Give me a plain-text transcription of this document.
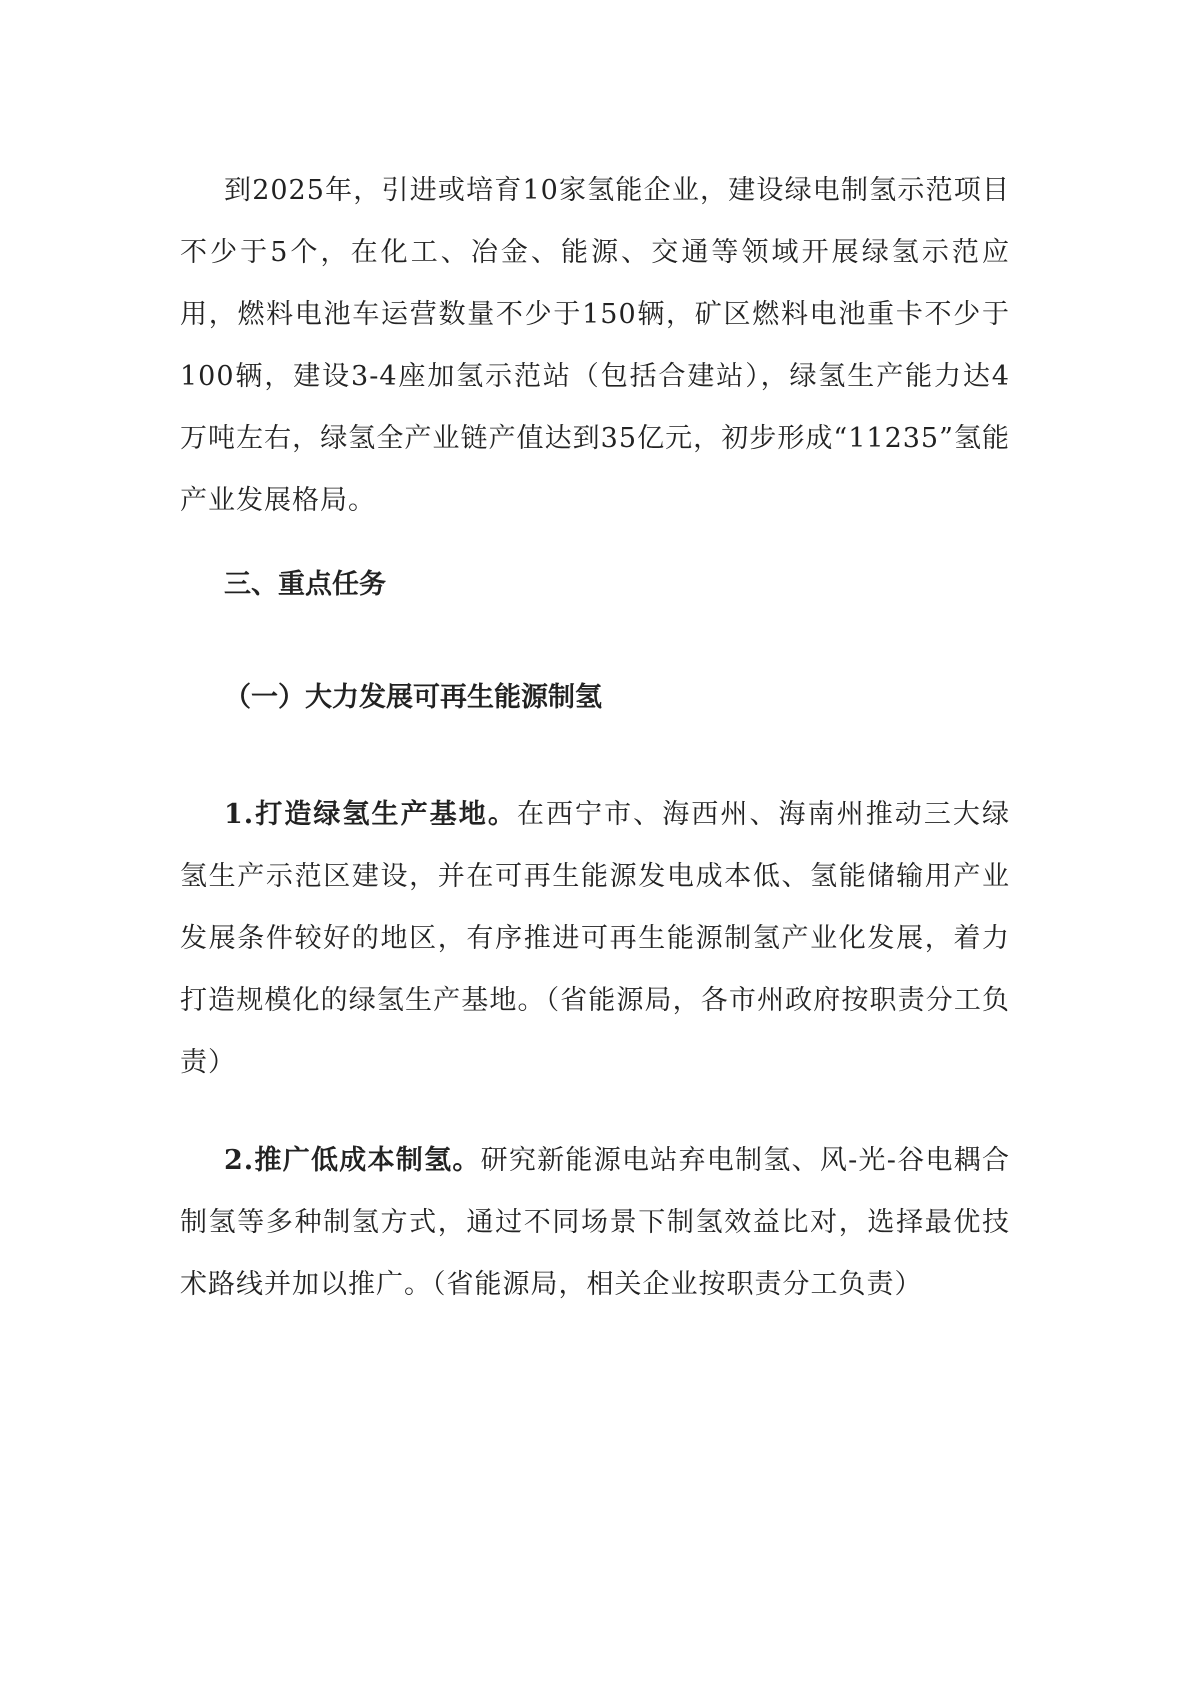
到2025年，引进或培育10家氢能企业，建设绿电制氢示范项目不少于5个，在化工、冶金、能源、交通等领域开展绿氢示范应用，燃料电池车运营数量不少于150辆，矿区燃料电池重卡不少于100辆，建设3-4座加氢示范站（包括合建站），绿氢生产能力达4万吨左右，绿氢全产业链产值达到35亿元，初步形成“11235”氢能产业发展格局。

三、重点任务
（一）大力发展可再生能源制氢

1.打造绿氢生产基地。在西宁市、海西州、海南州推动三大绿氢生产示范区建设，并在可再生能源发电成本低、氢能储输用产业发展条件较好的地区，有序推进可再生能源制氢产业化发展，着力打造规模化的绿氢生产基地。（省能源局，各市州政府按职责分工负责）

2.推广低成本制氢。研究新能源电站弃电制氢、风-光-谷电耦合制氢等多种制氢方式，通过不同场景下制氢效益比对，选择最优技术路线并加以推广。（省能源局，相关企业按职责分工负责）
